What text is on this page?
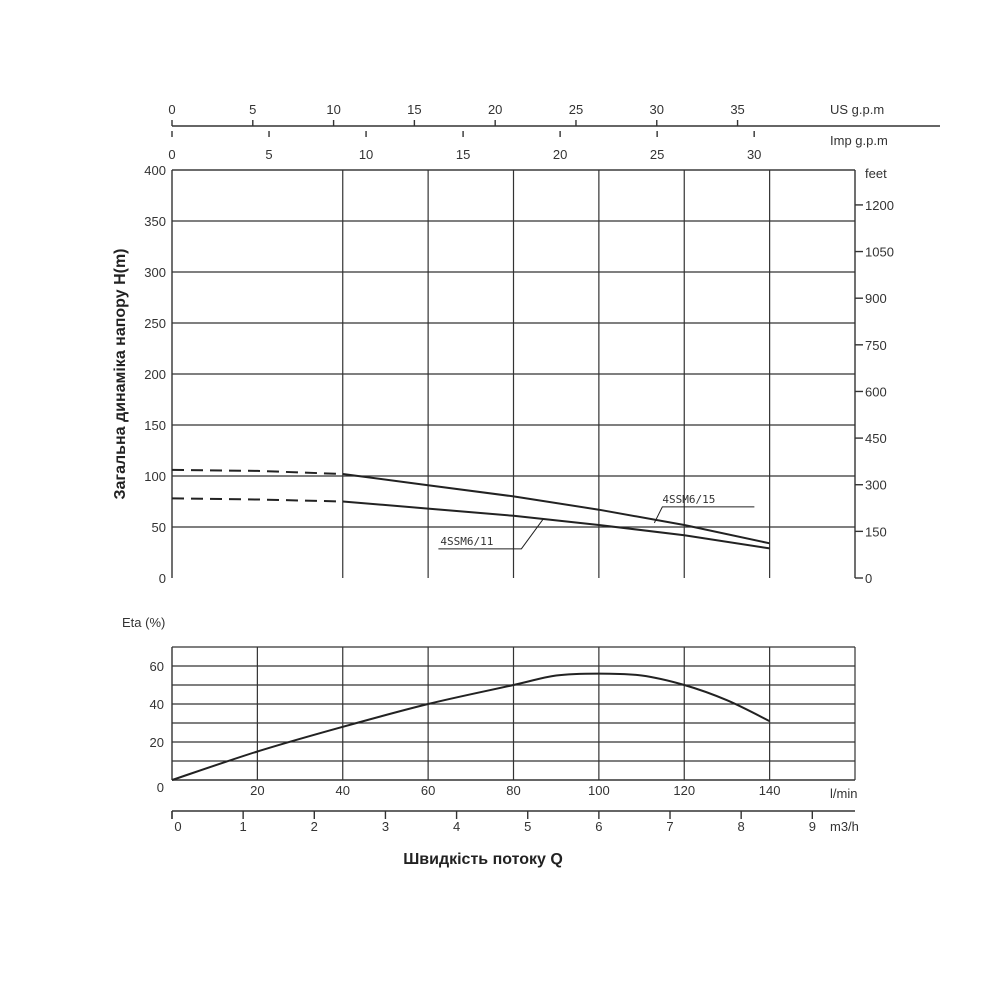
0
50
100
150
200
250
300
350
400
0
150
300
450
600
750
900
1050
1200
feet
Загальна динаміка напору H(m)
0	5	10	15	20	25	30	35	US g.p.m
0	5	10	15	20	25	30
Imp g.p.m
4SSM6/15
4SSM6/11
0
20
40
60
Eta (%)
20	40	60	80	100	120	140	l/min
0	1	2	3	4	5	6	7	8	9 m3/h
Швидкість потоку Q
